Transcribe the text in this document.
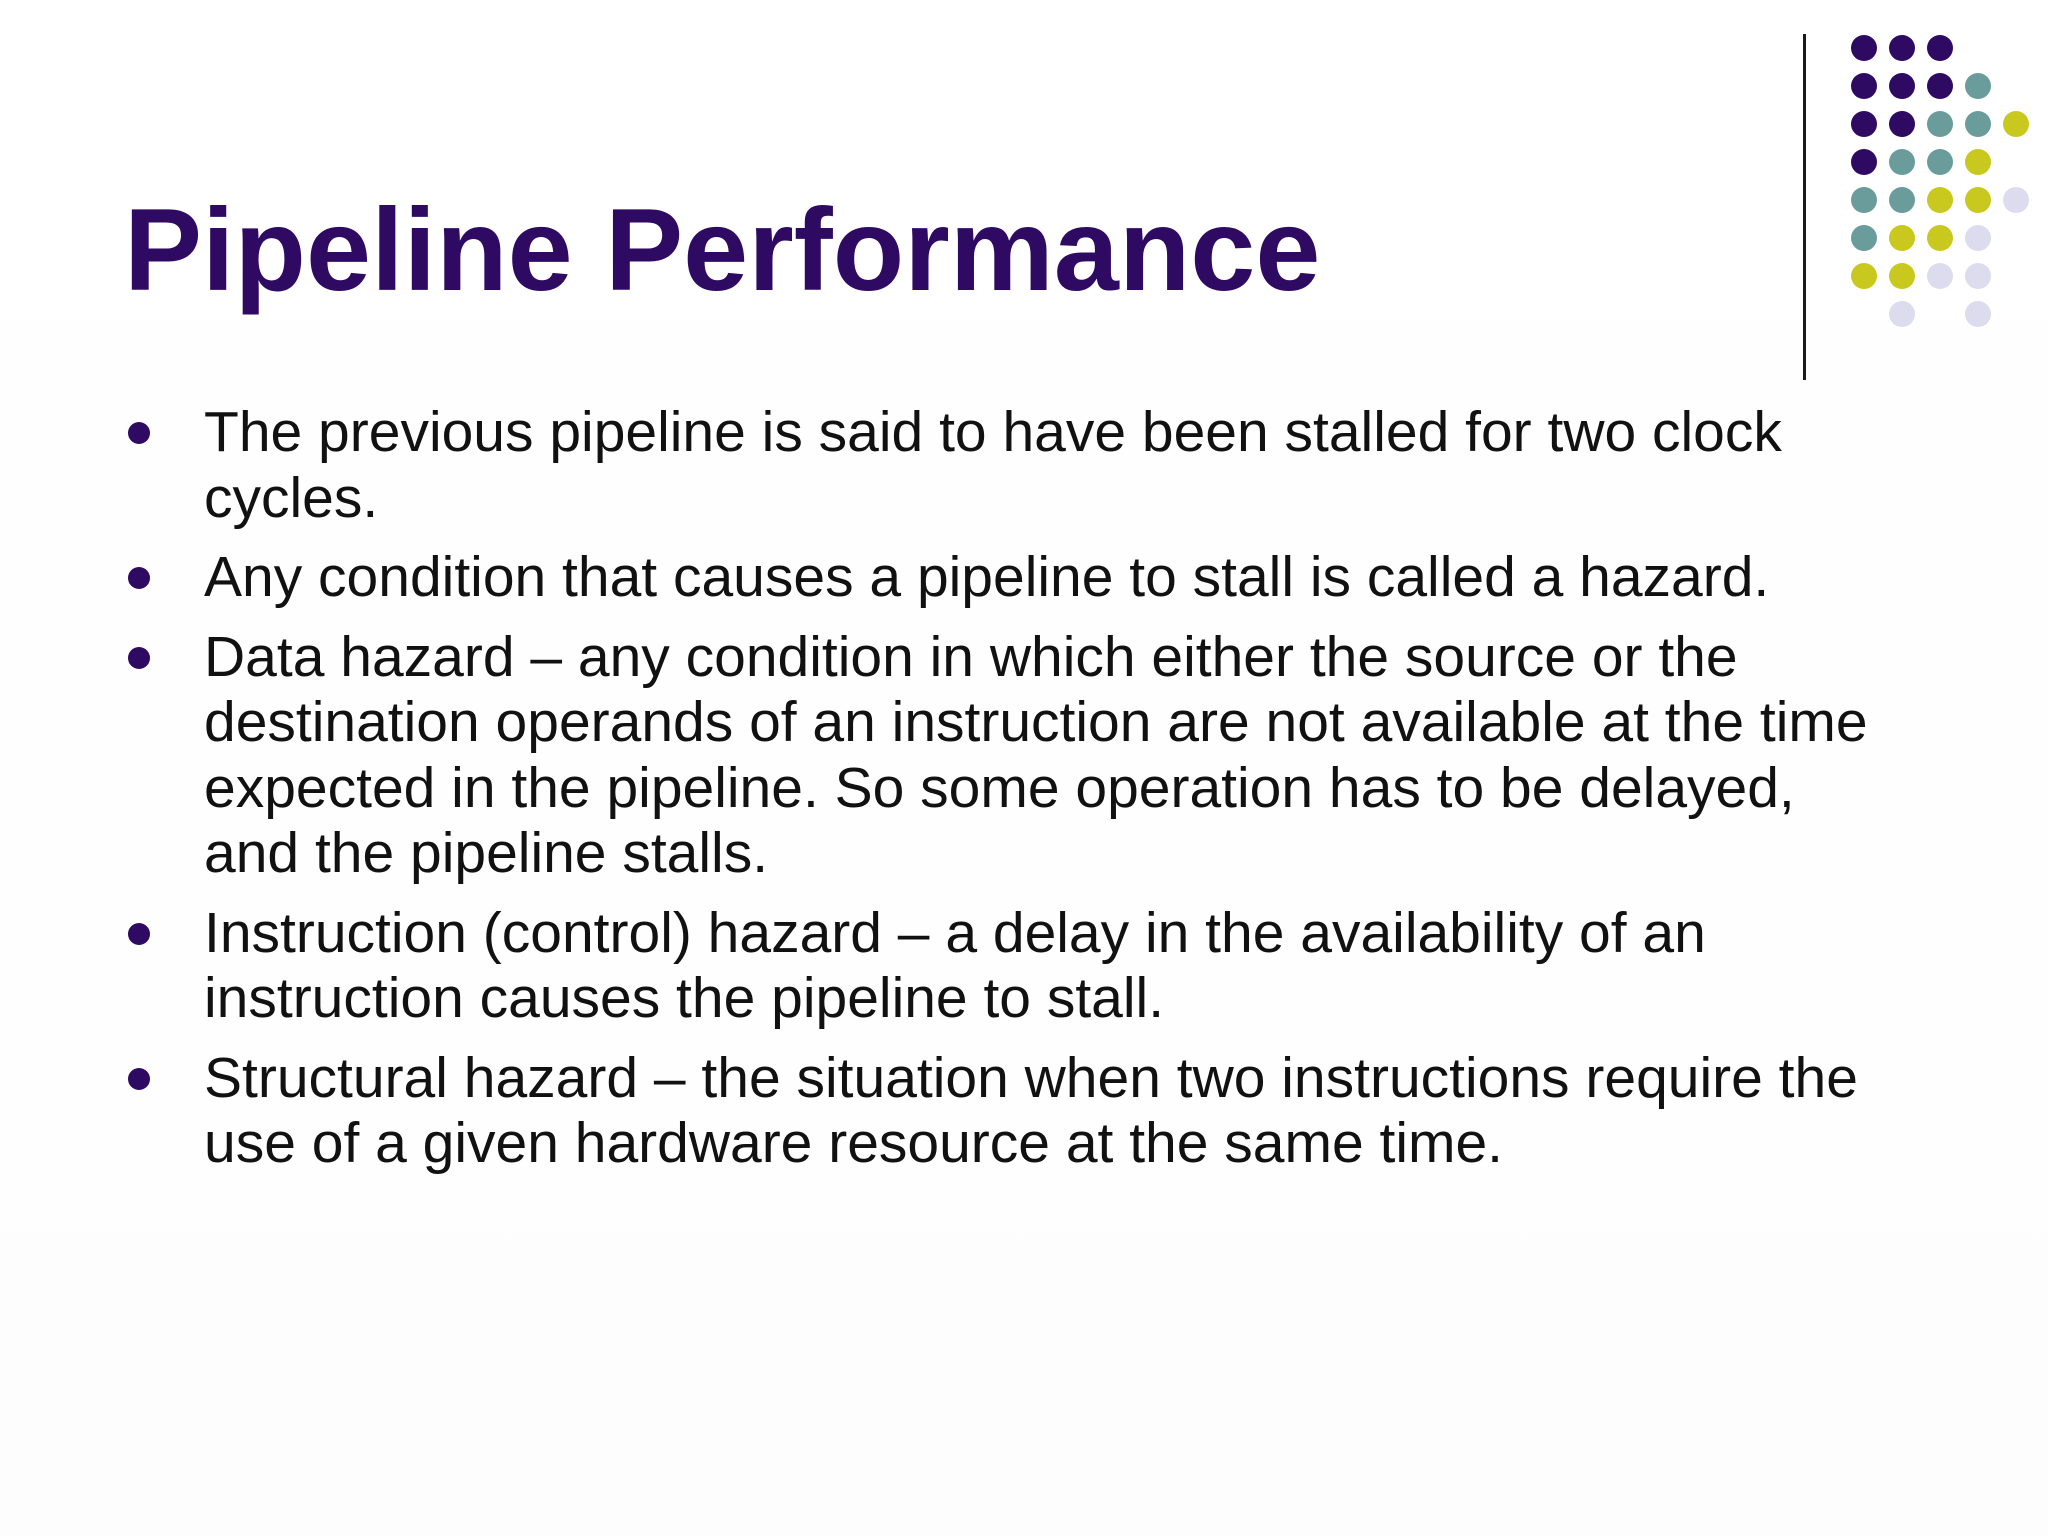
Pipeline Performance
The previous pipeline is said to have been stalled for two clock cycles.
Any condition that causes a pipeline to stall is called a hazard.
Data hazard – any condition in which either the source or the destination operands of an instruction are not available at the time expected in the pipeline. So some operation has to be delayed, and the pipeline stalls.
Instruction (control) hazard – a delay in the availability of an instruction causes the pipeline to stall.
Structural hazard – the situation when two instructions require the use of a given hardware resource at the same time.
